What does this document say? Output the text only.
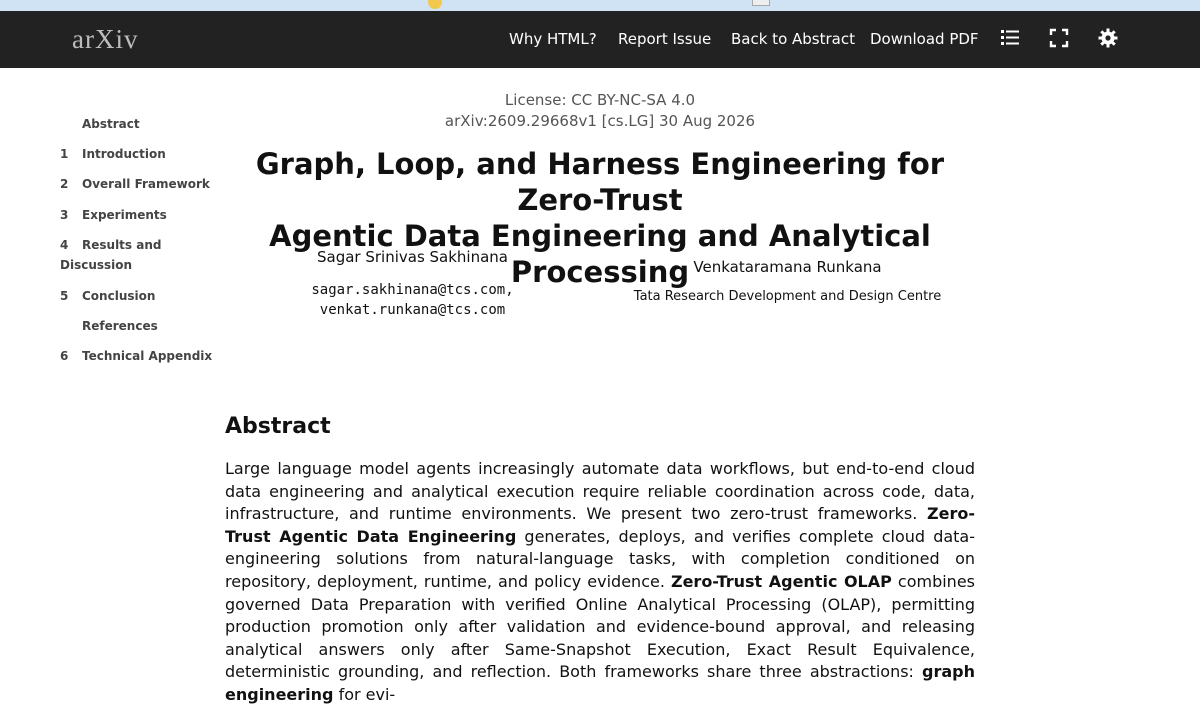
arXiv	Why HTML? Report Issue Back to Abstract Download PDF
Abstract
1	Introduction
2	Overall Framework
3	Experiments
4	Results and Discussion
5	Conclusion
References
6	Technical Appendix
License: CC BY-NC-SA 4.0
arXiv:2609.29668v1 [cs.LG] 30 Aug 2026
Graph, Loop, and Harness Engineering for Zero-Trust
Agentic Data Engineering and Analytical Processing
Sagar Srinivas Sakhinana
sagar.sakhinana@tcs.com,
venkat.runkana@tcs.com
Venkataramana Runkana
Tata Research Development and Design Centre
Abstract

Large language model agents increasingly automate data workflows, but end-to-end cloud data engineering and analytical execution require reliable coordination across code, data, infrastructure, and runtime environments. We present two zero-trust frameworks. Zero-Trust Agentic Data Engineering generates, deploys, and verifies complete cloud data-engineering solutions from natural-language tasks, with completion conditioned on repository, deployment, runtime, and policy evidence. Zero-Trust Agentic OLAP combines governed Data Preparation with verified Online Analytical Processing (OLAP), permitting production promotion only after validation and evidence-bound approval, and releasing analytical answers only after Same-Snapshot Execution, Exact Result Equivalence, deterministic grounding, and reflection. Both frameworks share three abstractions: graph engineering for evi-
